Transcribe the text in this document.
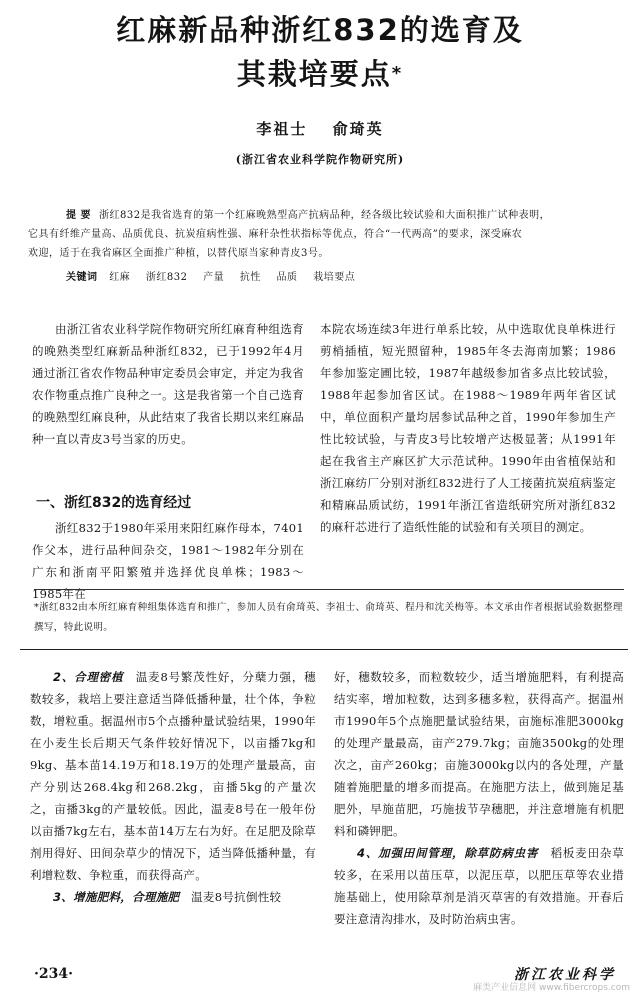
红麻新品种浙红832的选育及
其栽培要点*
李祖士 俞琦英
(浙江省农业科学院作物研究所)
提 要 浙红832是我省选育的第一个红麻晚熟型高产抗病品种，经各级比较试验和大面积推广试种表明，
它具有纤维产量高、品质优良、抗炭疽病性强、麻秆杂性状指标等优点，符合“一代两高”的要求，深受麻农
欢迎，适于在我省麻区全面推广种植，以替代原当家种青皮3号。
关键词 红麻 浙红832 产量 抗性 品质 栽培要点

由浙江省农业科学院作物研究所红麻育种组选育的晚熟类型红麻新品种浙红832，已于1992年4月通过浙江省农作物品种审定委员会审定，并定为我省农作物重点推广良种之一。这是我省第一个自己选育的晚熟型红麻良种，从此结束了我省长期以来红麻品种一直以青皮3号当家的历史。

一、浙红832的选育经过

浙红832于1980年采用来阳红麻作母本，7401作父本，进行品种间杂交，1981～1982年分别在广东和浙南平阳繁殖并选择优良单株；1983～1985年在

本院农场连续3年进行单系比较，从中选取优良单株进行剪梢插植，短光照留种，1985年冬去海南加繁；1986年参加鉴定圃比较，1987年越级参加省多点比较试验，1988年起参加省区试。在1988～1989年两年省区试中，单位面积产量均居参试品种之首，1990年参加生产性比较试验，与青皮3号比较增产达极显著；从1991年起在我省主产麻区扩大示范试种。1990年由省植保站和浙江麻纺厂分别对浙红832进行了人工接菌抗炭疽病鉴定和精麻品质试纺，1991年浙江省造纸研究所对浙红832的麻秆芯进行了造纸性能的试验和有关项目的测定。

*浙红832由本所红麻育种组集体选育和推广，参加人员有俞琦英、李祖士、俞琦英、程丹和沈关梅等。本文承由作者根据试验数据整理撰写，特此说明。

2、合理密植　 温麦8号繁茂性好，分蘖力强，穗数较多，栽培上要注意适当降低播种量，壮个体，争粒数，增粒重。据温州市5个点播种量试验结果，1990年在小麦生长后期天气条件较好情况下，以亩播7kg和9kg、基本苗14.19万和18.19万的处理产量最高，亩产分别达268.4kg和268.2kg，亩播5kg的产量次之，亩播3kg的产量较低。因此，温麦8号在一般年份以亩播7kg左右，基本苗14万左右为好。在足肥及除草剂用得好、田间杂草少的情况下，适当降低播种量，有利增粒数、争粒重，而获得高产。

3、增施肥料，合理施肥　 温麦8号抗倒性较

好，穗数较多，而粒数较少，适当增施肥料，有利提高结实率，增加粒数，达到多穗多粒，获得高产。据温州市1990年5个点施肥量试验结果，亩施标准肥3000kg的处理产量最高，亩产279.7kg；亩施3500kg的处理次之，亩产260kg；亩施3000kg以内的各处理，产量随着施肥量的增多而提高。在施肥方法上，做到施足基肥外，早施苗肥，巧施拔节孕穗肥，并注意增施有机肥料和磷钾肥。

4、加强田间管理，除草防病虫害　 稻板麦田杂草较多，在采用以苗压草，以泥压草，以肥压草等农业措施基础上，使用除草剂是消灭草害的有效措施。开春后要注意清沟排水，及时防治病虫害。

·234·	浙江农业科学
麻类产业信息网 www.fibercrops.com
